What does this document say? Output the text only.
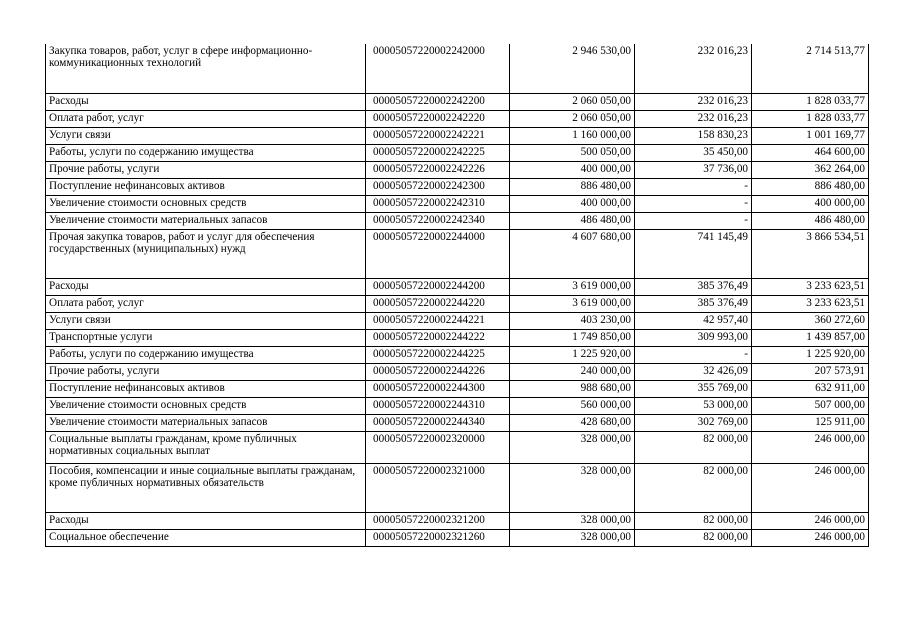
Закупка товаров, работ, услуг в сфере информационно-коммуникационных технологий	00005057220002242000	2 946 530,00	232 016,23	2 714 513,77
Расходы	00005057220002242200	2 060 050,00	232 016,23	1 828 033,77
Оплата работ, услуг	00005057220002242220	2 060 050,00	232 016,23	1 828 033,77
Услуги связи	00005057220002242221	1 160 000,00	158 830,23	1 001 169,77
Работы, услуги по содержанию имущества	00005057220002242225	500 050,00	35 450,00	464 600,00
Прочие работы, услуги	00005057220002242226	400 000,00	37 736,00	362 264,00
Поступление нефинансовых активов	00005057220002242300	886 480,00	-	886 480,00
Увеличение стоимости основных средств	00005057220002242310	400 000,00	-	400 000,00
Увеличение стоимости материальных запасов	00005057220002242340	486 480,00	-	486 480,00
Прочая закупка товаров, работ и услуг для обеспечения государственных (муниципальных) нужд	00005057220002244000	4 607 680,00	741 145,49	3 866 534,51
Расходы	00005057220002244200	3 619 000,00	385 376,49	3 233 623,51
Оплата работ, услуг	00005057220002244220	3 619 000,00	385 376,49	3 233 623,51
Услуги связи	00005057220002244221	403 230,00	42 957,40	360 272,60
Транспортные услуги	00005057220002244222	1 749 850,00	309 993,00	1 439 857,00
Работы, услуги по содержанию имущества	00005057220002244225	1 225 920,00	-	1 225 920,00
Прочие работы, услуги	00005057220002244226	240 000,00	32 426,09	207 573,91
Поступление нефинансовых активов	00005057220002244300	988 680,00	355 769,00	632 911,00
Увеличение стоимости основных средств	00005057220002244310	560 000,00	53 000,00	507 000,00
Увеличение стоимости материальных запасов	00005057220002244340	428 680,00	302 769,00	125 911,00
Социальные выплаты гражданам, кроме публичных нормативных социальных выплат	00005057220002320000	328 000,00	82 000,00	246 000,00
Пособия, компенсации и иные социальные выплаты гражданам, кроме публичных нормативных обязательств	00005057220002321000	328 000,00	82 000,00	246 000,00
Расходы	00005057220002321200	328 000,00	82 000,00	246 000,00
Социальное обеспечение	00005057220002321260	328 000,00	82 000,00	246 000,00
